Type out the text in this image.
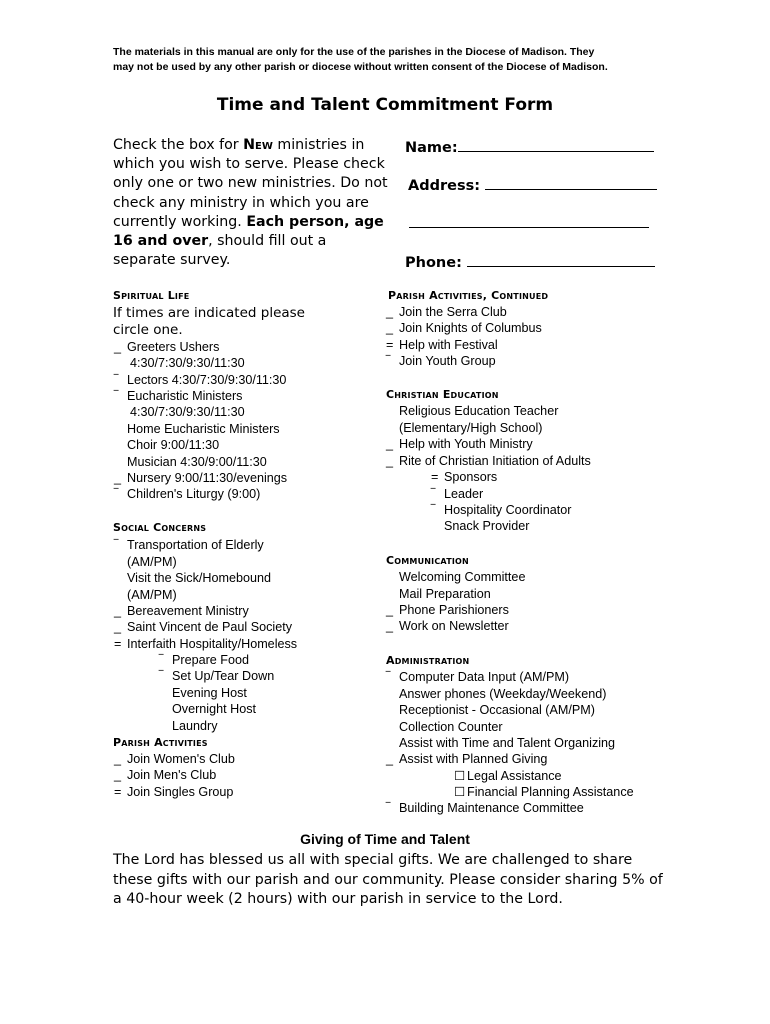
The materials in this manual are only for the use of the parishes in the Diocese of Madison. They
may not be used by any other parish or diocese without written consent of the Diocese of Madison.
Time and Talent Commitment Form
Check the box for New ministries in which you wish to serve. Please check only one or two new ministries. Do not check any ministry in which you are currently working. Each person, age 16 and over, should fill out a separate survey.
Name:
Address:
Phone:
Spiritual Life
If times are indicated please
circle one.
_ Greeters Ushers
4:30/7:30/9:30/11:30
‾ Lectors 4:30/7:30/9:30/11:30
‾ Eucharistic Ministers
4:30/7:30/9:30/11:30
Home Eucharistic Ministers
Choir 9:00/11:30
Musician 4:30/9:00/11:30
_ Nursery 9:00/11:30/evenings
‾ Children's Liturgy (9:00)
Social Concerns
‾ Transportation of Elderly
(AM/PM)
Visit the Sick/Homebound
(AM/PM)
_ Bereavement Ministry
_ Saint Vincent de Paul Society
= Interfaith Hospitality/Homeless
‾ Prepare Food
‾ Set Up/Tear Down
Evening Host
Overnight Host
Laundry
Parish Activities
_ Join Women's Club
_ Join Men's Club
= Join Singles Group
Parish Activities, Continued
_ Join the Serra Club
_ Join Knights of Columbus
= Help with Festival
‾ Join Youth Group
Christian Education
Religious Education Teacher
(Elementary/High School)
_ Help with Youth Ministry
_ Rite of Christian Initiation of Adults
= Sponsors
‾ Leader
‾ Hospitality Coordinator
Snack Provider
Communication
Welcoming Committee
Mail Preparation
_ Phone Parishioners
_ Work on Newsletter
Administration
‾ Computer Data Input (AM/PM)
Answer phones (Weekday/Weekend)
Receptionist - Occasional (AM/PM)
Collection Counter
Assist with Time and Talent Organizing
_ Assist with Planned Giving
☐ Legal Assistance
☐ Financial Planning Assistance
‾ Building Maintenance Committee
Giving of Time and Talent
The Lord has blessed us all with special gifts. We are challenged to share these gifts with our parish and our community. Please consider sharing 5% of a 40-hour week (2 hours) with our parish in service to the Lord.
